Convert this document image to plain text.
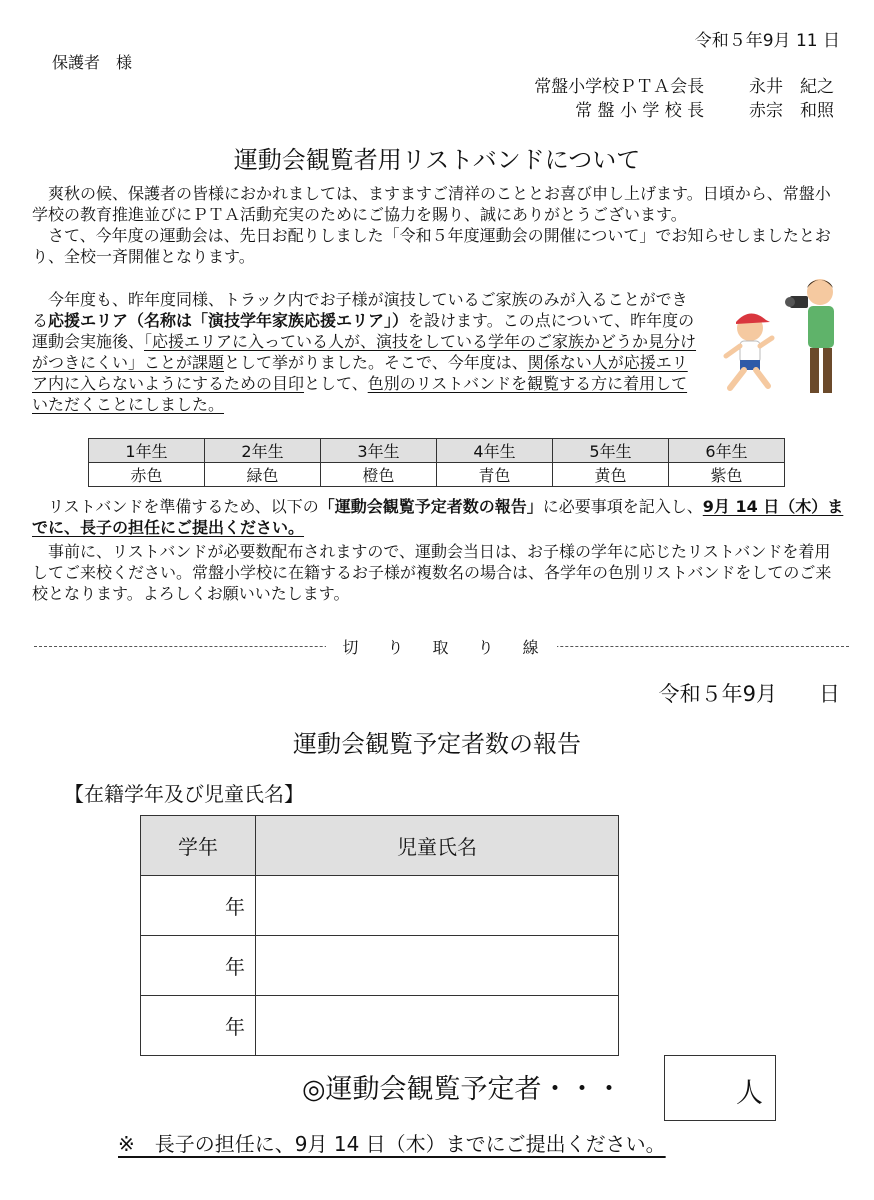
令和５年9月 11 日
保護者　様
常盤小学校ＰＴＡ会長	永井　紀之
常 盤 小 学 校 長	赤宗　和照
運動会観覧者用リストバンドについて

爽秋の候、保護者の皆様におかれましては、ますますご清祥のこととお喜び申し上げます。日頃から、常盤小学校の教育推進並びにＰＴＡ活動充実のためにご協力を賜り、誠にありがとうございます。

さて、今年度の運動会は、先日お配りしました「令和５年度運動会の開催について」でお知らせしましたとおり、全校一斉開催となります。

今年度も、昨年度同様、トラック内でお子様が演技しているご家族のみが入ることができる応援エリア（名称は「演技学年家族応援エリア」）を設けます。この点について、昨年度の運動会実施後、「応援エリアに入っている人が、演技をしている学年のご家族かどうか見分けがつきにくい」ことが課題として挙がりました。そこで、今年度は、関係ない人が応援エリア内に入らないようにするための目印として、色別のリストバンドを観覧する方に着用していただくことにしました。

1年生	2年生	3年生	4年生	5年生	6年生
赤色	緑色	橙色	青色	黄色	紫色

リストバンドを準備するため、以下の「運動会観覧予定者数の報告」に必要事項を記入し、9月 14 日（木）までに、長子の担任にご提出ください。

事前に、リストバンドが必要数配布されますので、運動会当日は、お子様の学年に応じたリストバンドを着用してご来校ください。常盤小学校に在籍するお子様が複数名の場合は、各学年の色別リストバンドをしてのご来校となります。よろしくお願いいたします。

切 り 取 り 線
令和５年9月　　日
運動会観覧予定者数の報告
【在籍学年及び児童氏名】
学年	児童氏名
年	
年	
年	
◎運動会観覧予定者・・・	人
※　長子の担任に、9月 14 日（木）までにご提出ください。
